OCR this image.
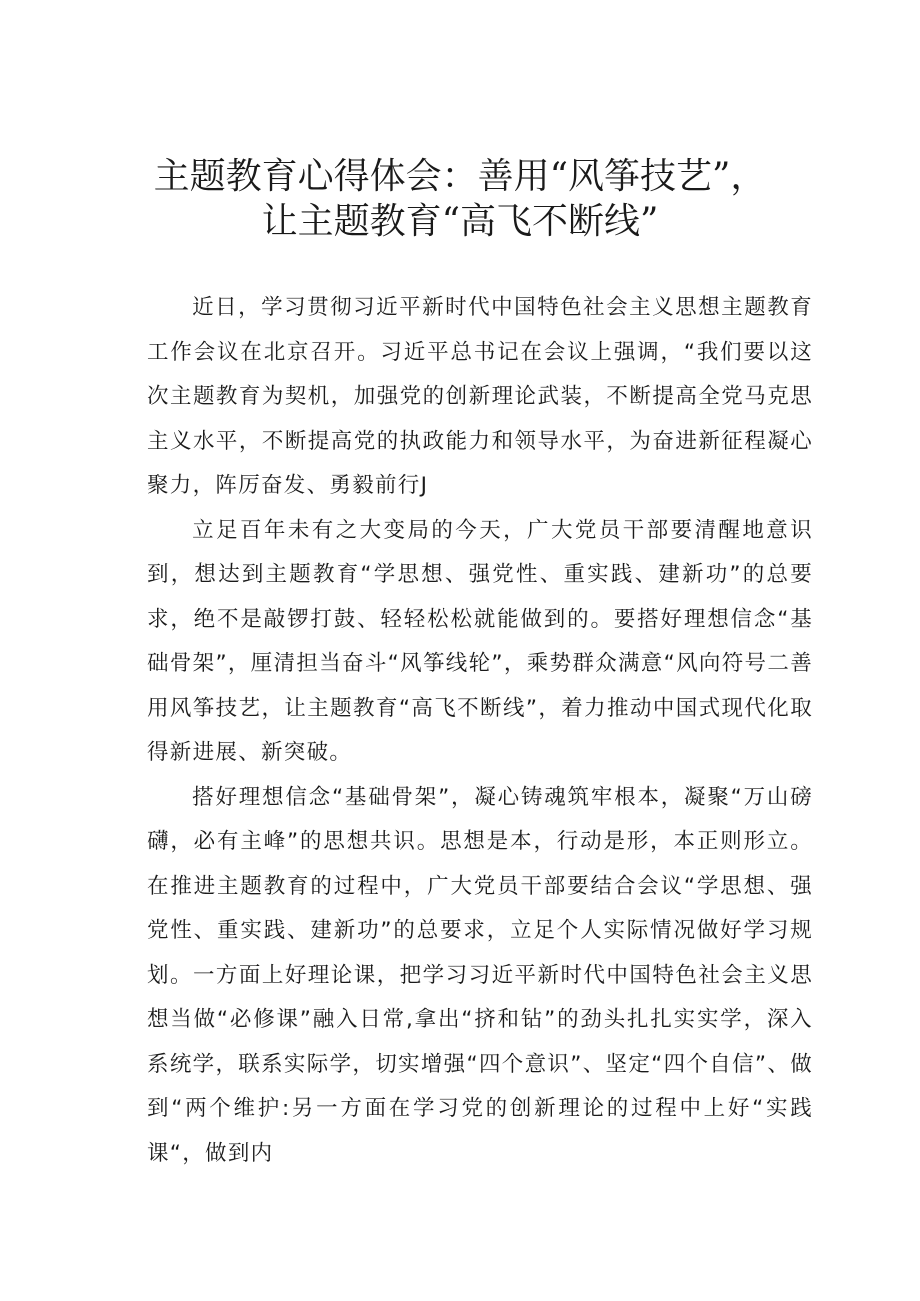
主题教育心得体会：善用“风筝技艺”，
让主题教育“高飞不断线”

近日，学习贯彻习近平新时代中国特色社会主义思想主题教育工作会议在北京召开。习近平总书记在会议上强调，“我们要以这次主题教育为契机，加强党的创新理论武装，不断提高全党马克思主义水平，不断提高党的执政能力和领导水平，为奋进新征程凝心聚力，阵厉奋发、勇毅前行J

立足百年未有之大变局的今天，广大党员干部要清醒地意识到，想达到主题教育“学思想、强党性、重实践、建新功”的总要求，绝不是敲锣打鼓、轻轻松松就能做到的。要搭好理想信念“基础骨架”，厘清担当奋斗“风筝线轮”，乘势群众满意“风向符号二善用风筝技艺，让主题教育“高飞不断线”，着力推动中国式现代化取得新进展、新突破。

搭好理想信念“基础骨架”，凝心铸魂筑牢根本，凝聚“万山磅礴，必有主峰”的思想共识。思想是本，行动是形，本正则形立。在推进主题教育的过程中，广大党员干部要结合会议“学思想、强党性、重实践、建新功”的总要求，立足个人实际情况做好学习规划。一方面上好理论课，把学习习近平新时代中国特色社会主义思想当做“必修课”融入日常,拿出“挤和钻”的劲头扎扎实实学，深入系统学，联系实际学，切实增强“四个意识”、坚定“四个自信”、做到“两个维护:另一方面在学习党的创新理论的过程中上好“实践课“，做到内
